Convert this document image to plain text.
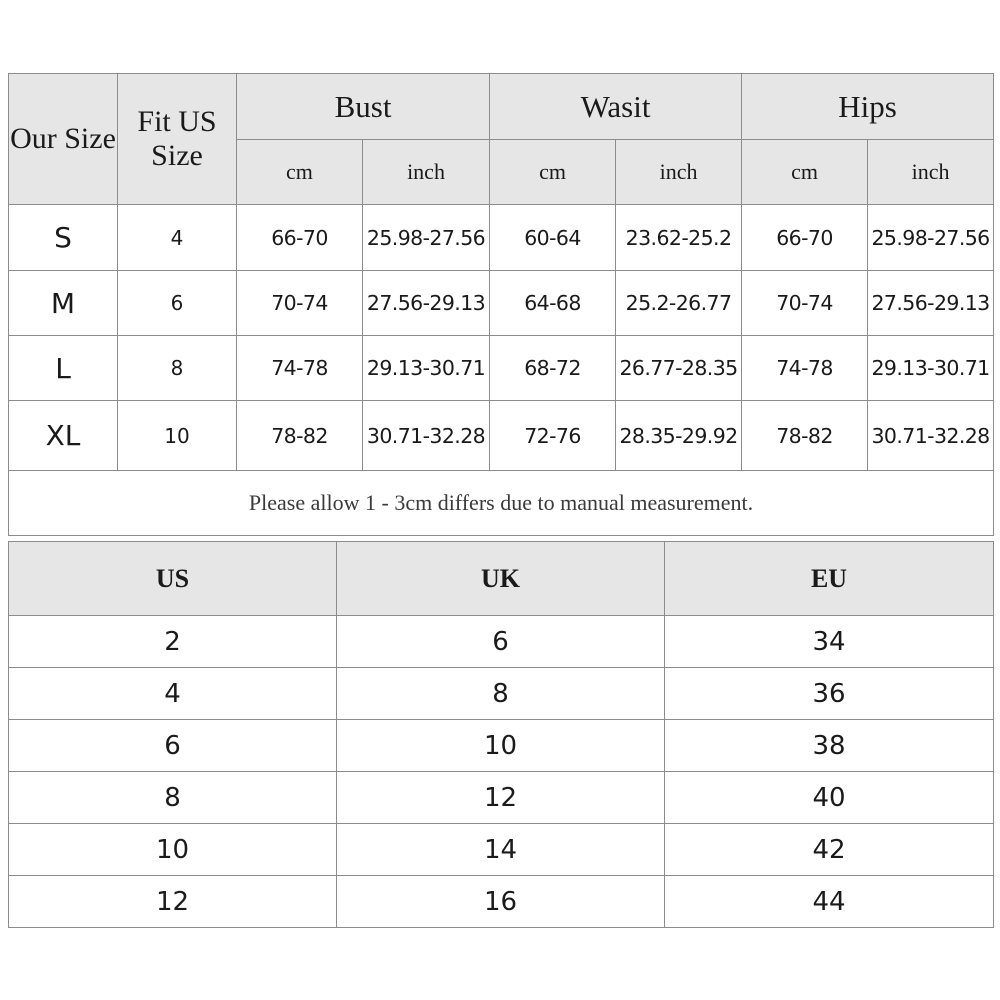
Our Size	Fit US Size	Bust		Wasit		Hips	
		cm	inch	cm	inch	cm	inch
S	4	66-70	25.98-27.56	60-64	23.62-25.2	66-70	25.98-27.56
M	6	70-74	27.56-29.13	64-68	25.2-26.77	70-74	27.56-29.13
L	8	74-78	29.13-30.71	68-72	26.77-28.35	74-78	29.13-30.71
XL	10	78-82	30.71-32.28	72-76	28.35-29.92	78-82	30.71-32.28
Please allow 1 - 3cm differs due to manual measurement.							
US	UK	EU
2	6	34
4	8	36
6	10	38
8	12	40
10	14	42
12	16	44
